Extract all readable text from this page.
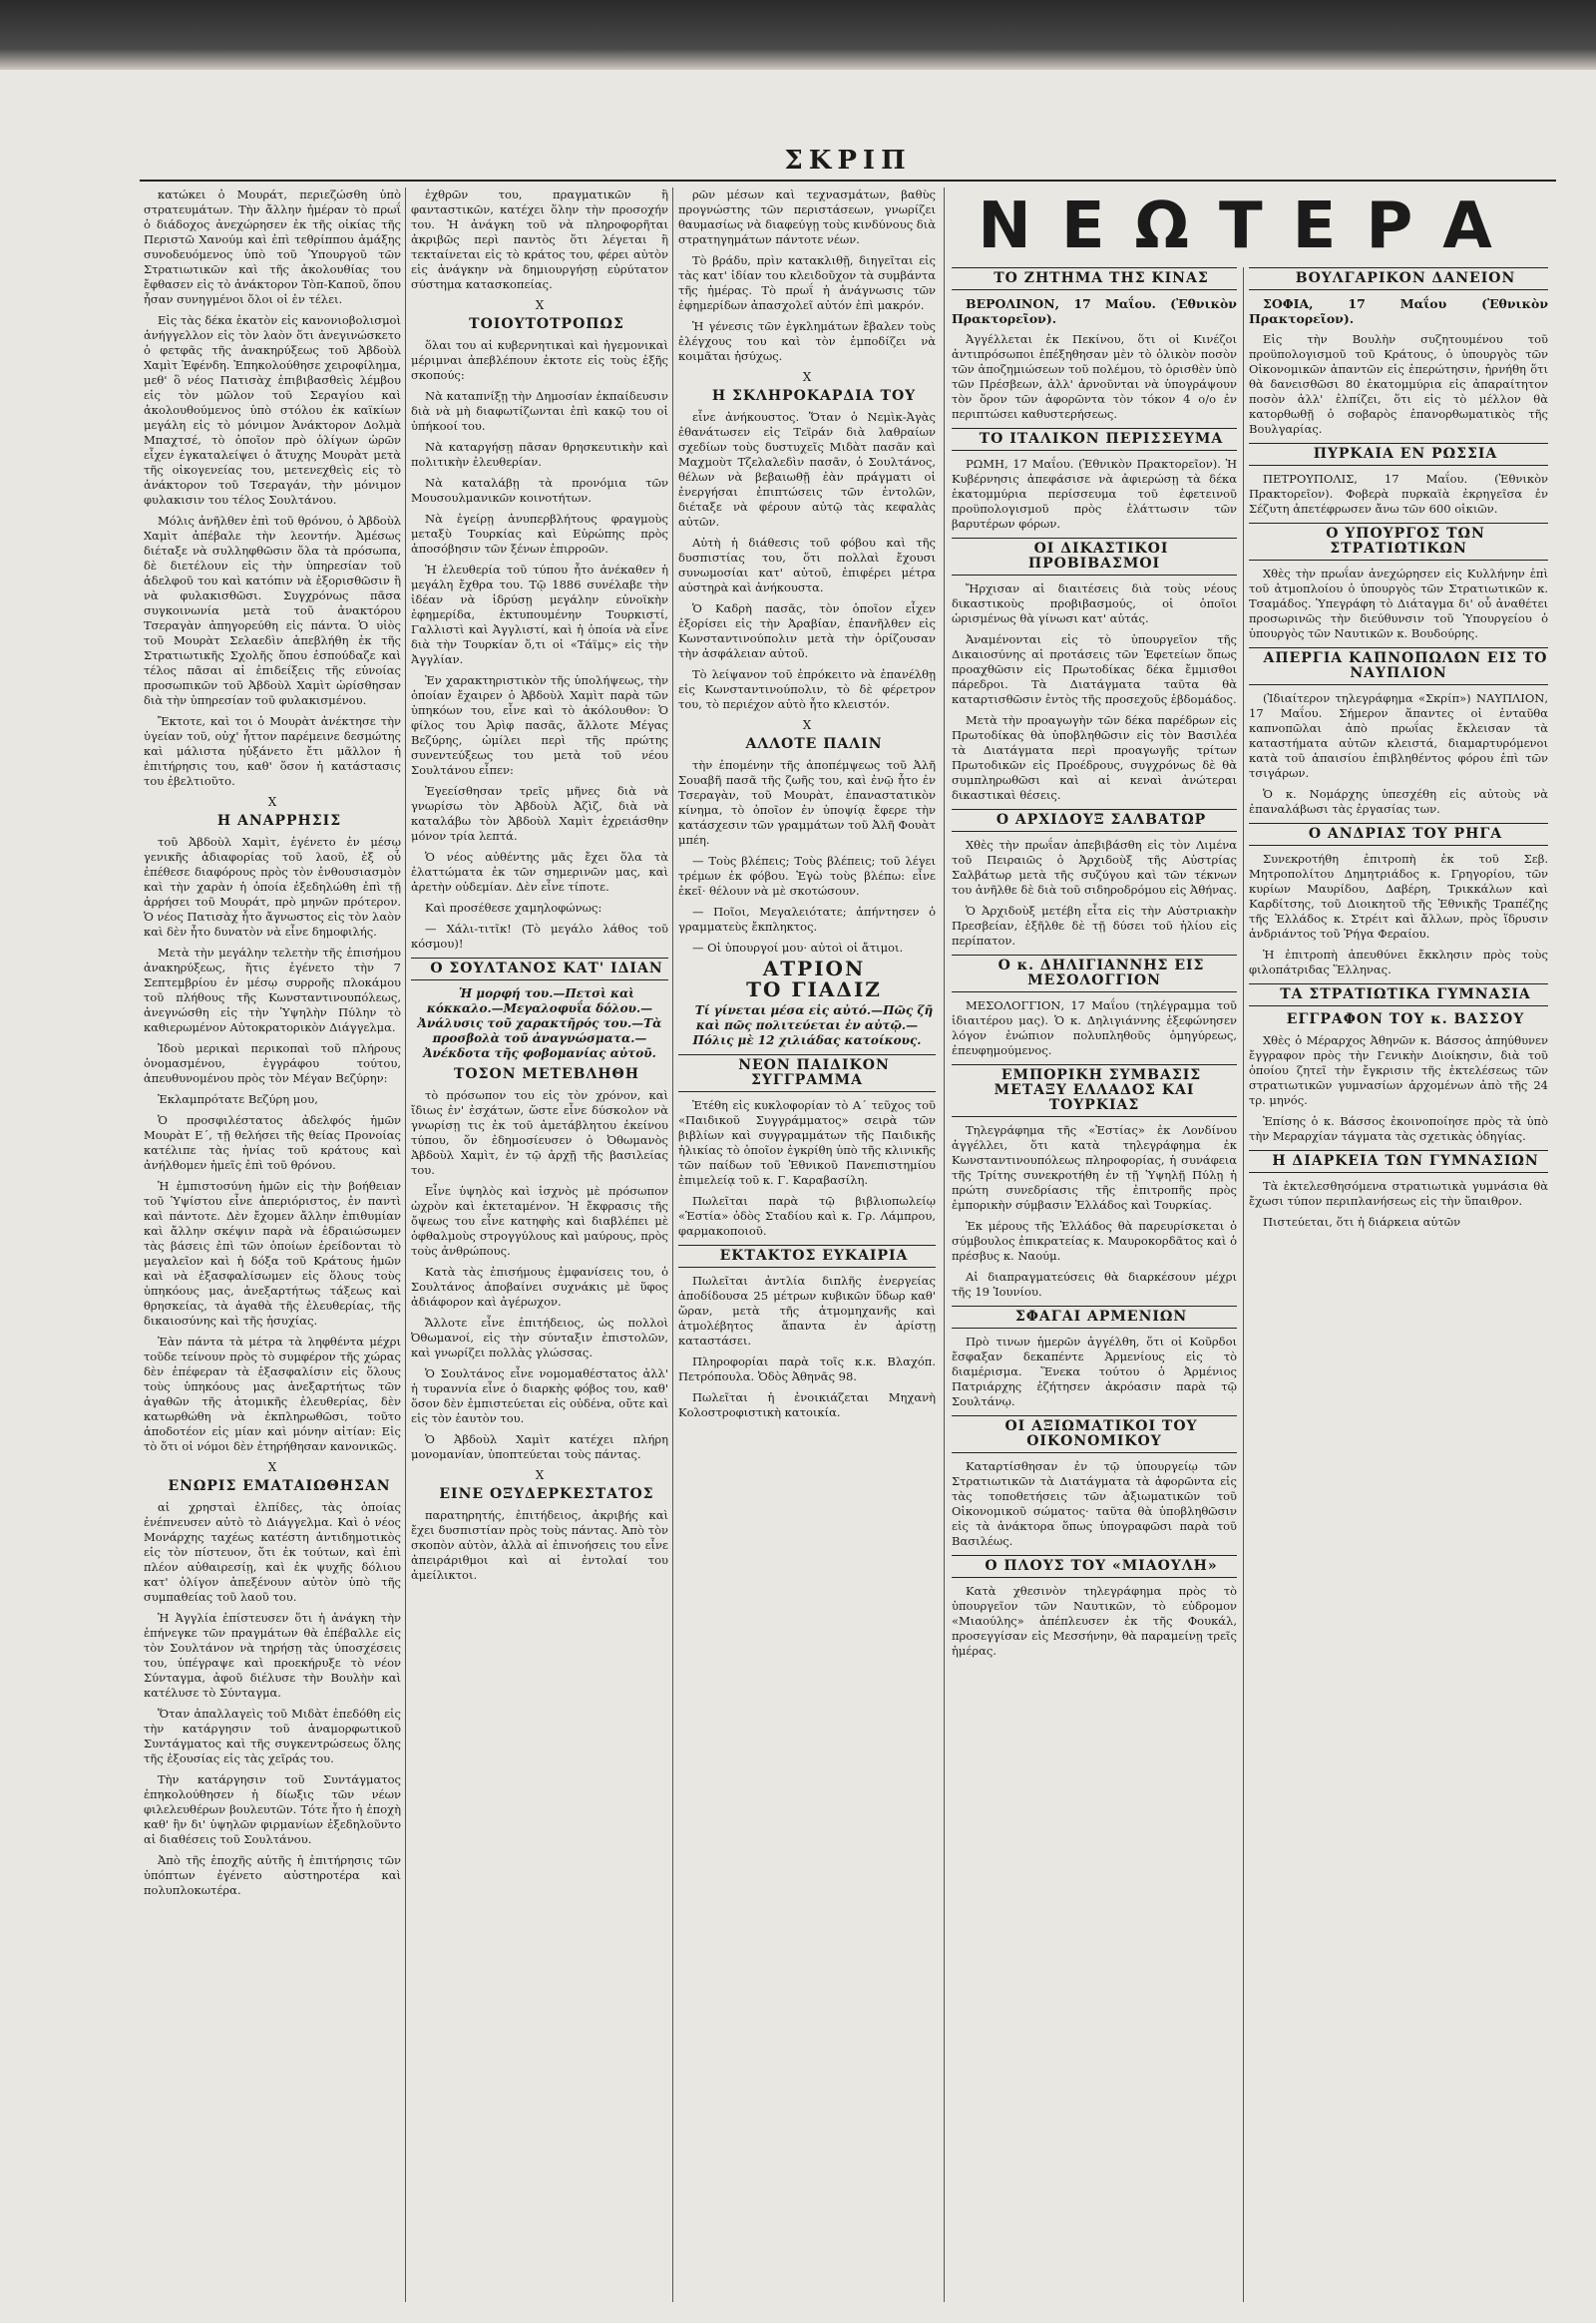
ΣΚΡΙΠ

κατώκει ὁ Μουράτ, περιεζώσθη ὑπὸ στρατευμάτων. Τὴν ἄλλην ἡμέραν τὸ πρωΐ ὁ διάδοχος ἀνεχώρησεν ἐκ τῆς οἰκίας τῆς Περιστῶ Χανούμ καὶ ἐπὶ τεθρίππου ἁμάξης συνοδευόμενος ὑπὸ τοῦ Ὑπουργοῦ τῶν Στρατιωτικῶν καὶ τῆς ἀκολουθίας του ἔφθασεν εἰς τὸ ἀνάκτορον Τὸπ-Καποῦ, ὅπου ἦσαν συνηγμένοι ὅλοι οἱ ἐν τέλει.

Εἰς τὰς δέκα ἐκατὸν εἰς κανονιοβολισμοὶ ἀνήγγελλον εἰς τὸν λαὸν ὅτι ἀνεγινώσκετο ὁ φετφᾶς τῆς ἀνακηρύξεως τοῦ Ἀβδοὺλ Χαμὶτ Ἐφένδη. Ἐπηκολούθησε χειροφίλημα, μεθ' ὃ νέος Πατισὰχ ἐπιβιβασθεὶς λέμβου εἰς τὸν μῶλον τοῦ Σεραγίου καὶ ἀκολουθούμενος ὑπὸ στόλου ἐκ καϊκίων μεγάλη εἰς τὸ μόνιμον Ἀνάκτορον Δολμὰ Μπαχτσέ, τὸ ὁποῖον πρὸ ὀλίγων ὡρῶν εἶχεν ἐγκαταλείψει ὁ ἄτυχης Μουρὰτ μετὰ τῆς οἰκογενείας του, μετενεχθεὶς εἰς τὸ ἀνάκτορον τοῦ Τσεραγάν, τὴν μόνιμον φυλακισιν του τέλος Σουλτάνου.

Μόλις ἀνῆλθεν ἐπὶ τοῦ θρόνου, ὁ Ἀβδοὺλ Χαμὶτ ἀπέβαλε τὴν λεοντήν. Ἀμέσως διέταξε νὰ συλληφθῶσιν ὅλα τὰ πρόσωπα, δὲ διετέλουν εἰς τὴν ὑπηρεσίαν τοῦ ἀδελφοῦ του καὶ κατόπιν νὰ ἐξορισθῶσιν ἢ νὰ φυλακισθῶσι. Συγχρόνως πᾶσα συγκοινωνία μετὰ τοῦ ἀνακτόρου Τσεραγὰν ἀπηγορεύθη εἰς πάντα. Ὁ υἱὸς τοῦ Μουρὰτ Σελαεδὶν ἀπεβλήθη ἐκ τῆς Στρατιωτικῆς Σχολῆς ὅπου ἐσπούδαζε καὶ τέλος πᾶσαι αἱ ἐπιδείξεις τῆς εὐνοίας προσωπικῶν τοῦ Ἀβδοὺλ Χαμὶτ ὡρίσθησαν διὰ τὴν ὑπηρεσίαν τοῦ φυλακισμένου.

Ἔκτοτε, καὶ τοι ὁ Μουρὰτ ἀνέκτησε τὴν ὑγείαν τοῦ, οὐχ' ἧττον παρέμεινε δεσμώτης καὶ μάλιστα ηὐξάνετο ἔτι μᾶλλον ἡ ἐπιτήρησις του, καθ' ὅσον ἡ κατάστασις του ἐβελτιοῦτο.

X

Η ΑΝΑΡΡΗΣΙΣ

τοῦ Ἀβδοὺλ Χαμὶτ, ἐγένετο ἐν μέσῳ γενικῆς ἀδιαφορίας τοῦ λαοῦ, ἐξ οὗ ἐπέθεσε διαφόρους πρὸς τὸν ἐνθουσιασμὸν καὶ τὴν χαρὰν ἡ ὁποία ἐξεδηλώθη ἐπὶ τῇ ἀρρήσει τοῦ Μουράτ, πρὸ μηνῶν πρότερον. Ὁ νέος Πατισὰχ ἦτο ἄγνωστος εἰς τὸν λαὸν καὶ δὲν ἦτο δυνατὸν νὰ εἶνε δημοφιλής.

Μετὰ τὴν μεγάλην τελετὴν τῆς ἐπισήμου ἀνακηρύξεως, ἥτις ἐγένετο τὴν 7 Σεπτεμβρίου ἐν μέσῳ συρροῆς πλοκάμου τοῦ πλήθους τῆς Κωνσταντινουπόλεως, ἀνεγνώσθη εἰς τὴν Ὑψηλὴν Πύλην τὸ καθιερωμένον Αὐτοκρατορικὸν Διάγγελμα.

Ἰδοὺ μερικαὶ περικοπαὶ τοῦ πλήρους ὀνομασμένου, ἐγγράφου τούτου, ἀπευθυνομένου πρὸς τὸν Μέγαν Βεζύρην:

Ἐκλαμπρότατε Βεζύρη μου,

Ὁ προσφιλέστατος ἀδελφός ἡμῶν Μουρὰτ Ε΄, τῇ θελήσει τῆς θείας Προνοίας κατέλιπε τὰς ἡνίας τοῦ κράτους καὶ ἀνήλθομεν ἡμεῖς ἐπὶ τοῦ θρόνου.

Ἡ ἐμπιστοσύνη ἡμῶν εἰς τὴν βοήθειαν τοῦ Ὑψίστου εἶνε ἀπεριόριστος, ἐν παντὶ καὶ πάντοτε. Δὲν ἔχομεν ἄλλην ἐπιθυμίαν καὶ ἄλλην σκέψιν παρὰ νὰ ἑδραιώσωμεν τὰς βάσεις ἐπὶ τῶν ὁποίων ἐρείδονται τὸ μεγαλεῖον καὶ ἡ δόξα τοῦ Κράτους ἡμῶν καὶ νὰ ἐξασφαλίσωμεν εἰς ὅλους τοὺς ὑπηκόους μας, ἀνεξαρτήτως τάξεως καὶ θρησκείας, τὰ ἀγαθὰ τῆς ἐλευθερίας, τῆς δικαιοσύνης καὶ τῆς ἡσυχίας.

Ἐὰν πάντα τὰ μέτρα τὰ ληφθέντα μέχρι τοῦδε τείνουν πρὸς τὸ συμφέρον τῆς χώρας δὲν ἐπέφεραν τὰ ἐξασφαλίσιν εἰς ὅλους τοὺς ὑπηκόους μας ἀνεξαρτήτως τῶν ἀγαθῶν τῆς ἀτομικῆς ἐλευθερίας, δὲν κατωρθώθη νὰ ἐκπληρωθῶσι, τοῦτο ἀποδοτέον εἰς μίαν καὶ μόνην αἰτίαν: Εἰς τὸ ὅτι οἱ νόμοι δὲν ἐτηρήθησαν κανονικῶς.

X

ΕΝΩΡΙΣ ΕΜΑΤΑΙΩΘΗΣΑΝ

αἱ χρησταὶ ἐλπίδες, τὰς ὁποίας ἐνέπνευσεν αὐτὸ τὸ Διάγγελμα. Καὶ ὁ νέος Μονάρχης ταχέως κατέστη ἀντιδημοτικὸς εἰς τὸν πίστευον, ὅτι ἐκ τούτων, καὶ ἐπὶ πλέον αὐθαιρεσίῃ, καὶ ἐκ ψυχῆς δόλιου κατ' ὀλίγον ἀπεξένουν αὐτὸν ὑπὸ τῆς συμπαθείας τοῦ λαοῦ του.

Ἡ Ἀγγλία ἐπίστευσεν ὅτι ἡ ἀνάγκη τὴν ἐπήνεγκε τῶν πραγμάτων θὰ ἐπέβαλλε εἰς τὸν Σουλτάνον νὰ τηρήσῃ τὰς ὑποσχέσεις του, ὑπέγραψε καὶ προεκήρυξε τὸ νέον Σύνταγμα, ἀφοῦ διέλυσε τὴν Βουλὴν καὶ κατέλυσε τὸ Σύνταγμα.

Ὅταν ἀπαλλαγεὶς τοῦ Μιδὰτ ἐπεδόθη εἰς τὴν κατάργησιν τοῦ ἀναμορφωτικοῦ Συντάγματος καὶ τῆς συγκεντρώσεως ὅλης τῆς ἐξουσίας εἰς τὰς χεῖράς του.

Τὴν κατάργησιν τοῦ Συντάγματος ἐπηκολούθησεν ἡ δίωξις τῶν νέων φιλελευθέρων βουλευτῶν. Τότε ἦτο ἡ ἐποχὴ καθ' ἣν δι' ὑψηλῶν φιρμανίων ἐξεδηλοῦντο αἱ διαθέσεις τοῦ Σουλτάνου.

Ἀπὸ τῆς ἐποχῆς αὐτῆς ἡ ἐπιτήρησις τῶν ὑπόπτων ἐγένετο αὐστηροτέρα καὶ πολυπλοκωτέρα.

ἐχθρῶν του, πραγματικῶν ἢ φανταστικῶν, κατέχει ὅλην τὴν προσοχήν του. Ἡ ἀνάγκη τοῦ νὰ πληροφορῆται ἀκριβῶς περὶ παντὸς ὅτι λέγεται ἢ τεκταίνεται εἰς τὸ κράτος του, φέρει αὐτὸν εἰς ἀνάγκην νὰ δημιουργήσῃ εὐρύτατον σύστημα κατασκοπείας.

X

ΤΟΙΟΥΤΟΤΡΟΠΩΣ

ὅλαι του αἱ κυβερνητικαὶ καὶ ἠγεμονικαὶ μέριμναι ἀπεβλέπουν ἐκτοτε εἰς τοὺς ἑξῆς σκοπούς:

Νὰ καταπνίξῃ τὴν Δημοσίαν ἐκπαίδευσιν διὰ νὰ μὴ διαφωτίζωνται ἐπὶ κακῷ του οἱ ὑπήκοοί του.

Νὰ καταργήσῃ πᾶσαν θρησκευτικὴν καὶ πολιτικὴν ἐλευθερίαν.

Νὰ καταλάβῃ τὰ προνόμια τῶν Μουσουλμανικῶν κοινοτήτων.

Νὰ ἐγείρῃ ἀνυπερβλήτους φραγμοὺς μεταξὺ Τουρκίας καὶ Εὐρώπης πρὸς ἀποσόβησιν τῶν ξένων ἐπιρροῶν.

Ἡ ἐλευθερία τοῦ τύπου ἦτο ἀνέκαθεν ἡ μεγάλη ἔχθρα του. Τῷ 1886 συνέλαβε τὴν ἰδέαν νὰ ἱδρύσῃ μεγάλην εὐνοϊκὴν ἐφημερίδα, ἐκτυπουμένην Τουρκιστί, Γαλλιστὶ καὶ Ἀγγλιστί, καὶ ἡ ὁποία νὰ εἶνε διὰ τὴν Τουρκίαν ὅ,τι οἱ «Τάϊμς» εἰς τὴν Ἀγγλίαν.

Ἐν χαρακτηριστικὸν τῆς ὑπολήψεως, τὴν ὁποίαν ἔχαιρεν ὁ Ἀβδοὺλ Χαμὶτ παρὰ τῶν ὑπηκόων του, εἶνε καὶ τὸ ἀκόλουθον: Ὁ φίλος του Ἀρὶφ πασᾶς, ἄλλοτε Μέγας Βεζύρης, ὡμίλει περὶ τῆς πρώτης συνεντεύξεως του μετὰ τοῦ νέου Σουλτάνου εἶπεν:

Ἐγεείσθησαν τρεῖς μῆνες διὰ νὰ γνωρίσω τὸν Ἀβδοὺλ Ἀζὶζ, διὰ νὰ καταλάβω τὸν Ἀβδοὺλ Χαμὶτ ἐχρειάσθην μόνον τρία λεπτά.

Ὁ νέος αὐθέντης μᾶς ἔχει ὅλα τὰ ἐλαττώματα ἐκ τῶν σημερινῶν μας, καὶ ἀρετὴν οὐδεμίαν. Δὲν εἶνε τίποτε.

Καὶ προσέθεσε χαμηλοφώνως:

— Χάλι-τιτῖκ! (Τὸ μεγάλο λάθος τοῦ κόσμου)!

Ο ΣΟΥΛΤΑΝΟΣ ΚΑΤ' ΙΔΙΑΝ

Ἡ μορφή του.—Πετσὶ καὶ κόκκαλο.—Μεγαλοφυΐα δόλου.—Ἀνάλυσις τοῦ χαρακτῆρός του.—Τὰ προσβολὰ τοῦ ἀναγνώσματα.—Ἀνέκδοτα τῆς φοβομανίας αὐτοῦ.

ΤΟΣΟΝ ΜΕΤΕΒΛΗΘΗ

τὸ πρόσωπον του εἰς τὸν χρόνον, καὶ ἴδιως ἐν' ἐσχάτων, ὥστε εἶνε δύσκολον νὰ γνωρίσῃ τις ἐκ τοῦ ἀμετάβλητου ἐκείνου τύπου, ὅν ἐδημοσίευσεν ὁ Ὀθωμανὸς Ἀβδοὺλ Χαμὶτ, ἐν τῷ ἀρχῇ τῆς βασιλείας του.

Εἶνε ὑψηλὸς καὶ ἰσχνὸς μὲ πρόσωπον ὠχρὸν καὶ ἐκτεταμένον. Ἡ ἔκφρασις τῆς ὄψεως του εἶνε κατηφὴς καὶ διαβλέπει μὲ ὀφθαλμοὺς στρογγύλους καὶ μαύρους, πρὸς τοὺς ἀνθρώπους.

Κατὰ τὰς ἐπισήμους ἐμφανίσεις του, ὁ Σουλτάνος ἀποβαίνει συχνάκις μὲ ὕφος ἀδιάφορον καὶ ἀγέρωχον.

Ἄλλοτε εἶνε ἐπιτήδειος, ὡς πολλοὶ Ὀθωμανοί, εἰς τὴν σύνταξιν ἐπιστολῶν, καὶ γνωρίζει πολλὰς γλώσσας.

Ὁ Σουλτάνος εἶνε νομομαθέστατος ἀλλ' ἡ τυραννία εἶνε ὁ διαρκὴς φόβος του, καθ' ὅσον δὲν ἐμπιστεύεται εἰς οὐδένα, οὔτε καὶ εἰς τὸν ἑαυτὸν του.

Ὁ Ἀβδοὺλ Χαμὶτ κατέχει πλήρη μονομανίαν, ὑποπτεύεται τοὺς πάντας.

X

ΕΙΝΕ ΟΞΥΔΕΡΚΕΣΤΑΤΟΣ

παρατηρητής, ἐπιτήδειος, ἀκριβής καὶ ἔχει δυσπιστίαν πρὸς τοὺς πάντας. Ἀπὸ τὸν σκοπὸν αὐτὸν, ἀλλὰ αἱ ἐπινοήσεις του εἶνε ἀπειράριθμοι καὶ αἱ ἐντολαί του ἀμείλικτοι.

ρῶν μέσων καὶ τεχνασμάτων, βαθὺς προγνώστης τῶν περιστάσεων, γνωρίζει θαυμασίως νὰ διαφεύγῃ τοὺς κινδύνους διὰ στρατηγημάτων πάντοτε νέων.

Τὸ βράδυ, πρὶν κατακλιθῇ, διηγεῖται εἰς τὰς κατ' ἰδίαν του κλειδοῦχον τὰ συμβάντα τῆς ἡμέρας. Τὸ πρωΐ ἡ ἀνάγνωσις τῶν ἐφημερίδων ἀπασχολεῖ αὐτόν ἐπὶ μακρόν.

Ἡ γένεσις τῶν ἐγκλημάτων ἔβαλεν τοὺς ἐλέγχους του καὶ τὸν ἐμποδίζει νὰ κοιμᾶται ἡσύχως.

X

Η ΣΚΛΗΡΟΚΑΡΔΙΑ ΤΟΥ

εἶνε ἀνήκουστος. Ὅταν ὁ Νεμὶκ-Ἀγὰς ἐθανάτωσεν εἰς Τεϊράν διὰ λαθραίων σχεδίων τοὺς δυστυχεῖς Μιδὰτ πασᾶν καὶ Μαχμοὺτ Τζελαλεδὶν πασᾶν, ὁ Σουλτάνος, θέλων νὰ βεβαιωθῇ ἐὰν πράγματι οἱ ἐνεργήσαι ἐπιπτώσεις τῶν ἐντολῶν, διέταξε νὰ φέρουν αὐτῷ τὰς κεφαλὰς αὐτῶν.

Αὐτὴ ἡ διάθεσις τοῦ φόβου καὶ τῆς δυσπιστίας του, ὅτι πολλαὶ ἔχουσι συνωμοσίαι κατ' αὐτοῦ, ἐπιφέρει μέτρα αὐστηρὰ καὶ ἀνήκουστα.

Ὁ Καδρὴ πασᾶς, τὸν ὁποῖον εἶχεν ἐξορίσει εἰς τὴν Ἀραβίαν, ἐπανῆλθεν εἰς Κωνσταντινούπολιν μετὰ τὴν ὁρίζουσαν τὴν ἀσφάλειαν αὐτοῦ.

Τὸ λείψανον τοῦ ἐπρόκειτο νὰ ἐπανέλθῃ εἰς Κωνσταντινούπολιν, τὸ δὲ φέρετρον του, τὸ περιέχον αὐτὸ ἦτο κλειστόν.

X

ΑΛΛΟΤΕ ΠΑΛΙΝ

τὴν ἐπομένην τῆς ἀποπέμψεως τοῦ Ἀλῆ Σουαβῆ πασᾶ τῆς ζωῆς του, καὶ ἐνῷ ἦτο ἐν Τσεραγὰν, τοῦ Μουρὰτ, ἐπαναστατικὸν κίνημα, τὸ ὁποῖον ἐν ὑποψίᾳ ἔφερε τὴν κατάσχεσιν τῶν γραμμάτων τοῦ Ἀλῆ Φουὰτ μπέη.

— Τοὺς βλέπεις; Τοὺς βλέπεις; τοῦ λέγει τρέμων ἐκ φόβου. Ἐγὼ τοὺς βλέπω: εἶνε ἐκεῖ· θέλουν νὰ μὲ σκοτώσουν.

— Ποῖοι, Μεγαλειότατε; ἀπήντησεν ὁ γραμματεὺς ἔκπληκτος.

— Οἱ ὑπουργοί μου· αὐτοὶ οἱ ἄτιμοι.

ΑΤΡΙΟΝ

ΤΟ ΓΙΑΔΙΖ

Τί γίνεται μέσα εἰς αὐτό.—Πῶς ζῆ καὶ πῶς πολιτεύεται ἐν αὐτῷ.— Πόλις μὲ 12 χιλιάδας κατοίκους.

ΝΕΟΝ ΠΑΙΔΙΚΟΝ ΣΥΓΓΡΑΜΜΑ

Ἐτέθη εἰς κυκλοφορίαν τὸ Α΄ τεῦχος τοῦ «Παιδικοῦ Συγγράμματος» σειρὰ τῶν βιβλίων καὶ συγγραμμάτων τῆς Παιδικῆς ἡλικίας τὸ ὁποῖον ἐγκρίθη ὑπὸ τῆς κλινικῆς τῶν παίδων τοῦ Ἐθνικοῦ Πανεπιστημίου ἐπιμελείᾳ τοῦ κ. Γ. Καραβασίλη.

Πωλεῖται παρὰ τῷ βιβλιοπωλείῳ «Ἑστία» ὁδὸς Σταδίου καὶ κ. Γρ. Λάμπρου, φαρμακοποιοῦ.

ΕΚΤΑΚΤΟΣ ΕΥΚΑΙΡΙΑ

Πωλεῖται ἀντλία διπλῆς ἐνεργείας ἀποδίδουσα 25 μέτρων κυβικῶν ὕδωρ καθ' ὥραν, μετὰ τῆς ἀτμομηχανῆς καὶ ἀτμολέβητος ἅπαντα ἐν ἀρίστῃ καταστάσει.

Πληροφορίαι παρὰ τοῖς κ.κ. Βλαχόπ. Πετρόπουλα. Ὁδὸς Ἀθηνᾶς 98.

Πωλεῖται ἡ ἐνοικιάζεται Μηχανὴ Κολοστροφιστικὴ κατοικία.

ΝΕΩΤΕΡΑ

ΤΟ ΖΗΤΗΜΑ ΤΗΣ ΚΙΝΑΣ

ΒΕΡΟΛΙΝΟΝ, 17 Μαΐου. (Ἐθνικὸν Πρακτορεῖον).

Ἀγγέλλεται ἐκ Πεκίνου, ὅτι οἱ Κινέζοι ἀντιπρόσωποι ἐπέξηθησαν μὲν τὸ ὁλικὸν ποσὸν τῶν ἀποζημιώσεων τοῦ πολέμου, τὸ ὁρισθὲν ὑπὸ τῶν Πρέσβεων, ἀλλ' ἀρνοῦνται νὰ ὑπογράψουν τὸν ὅρον τῶν ἀφορῶντα τὸν τόκον 4 ο/ο ἐν περιπτώσει καθυστερήσεως.

ΤΟ ΙΤΑΛΙΚΟΝ ΠΕΡΙΣΣΕΥΜΑ

ΡΩΜΗ, 17 Μαΐου. (Ἐθνικὸν Πρακτορεῖον). Ἡ Κυβέρνησις ἀπεφάσισε νὰ ἀφιερώσῃ τὰ δέκα ἑκατομμύρια περίσσευμα τοῦ ἐφετεινοῦ προϋπολογισμοῦ πρὸς ἐλάττωσιν τῶν βαρυτέρων φόρων.

ΟΙ ΔΙΚΑΣΤΙΚΟΙ ΠΡΟΒΙΒΑΣΜΟΙ

Ἤρχισαν αἱ διαιτέσεις διὰ τοὺς νέους δικαστικοὺς προβιβασμούς, οἱ ὁποῖοι ὡρισμένως θὰ γίνωσι κατ' αὐτάς.

Ἀναμένονται εἰς τὸ ὑπουργεῖον τῆς Δικαιοσύνης αἱ προτάσεις τῶν Ἐφετείων ὅπως προαχθῶσιν εἰς Πρωτοδίκας δέκα ἔμμισθοι πάρεδροι. Τὰ Διατάγματα ταῦτα θὰ καταρτισθῶσιν ἐντὸς τῆς προσεχοῦς ἑβδομάδος.

Μετὰ τὴν προαγωγὴν τῶν δέκα παρέδρων εἰς Πρωτοδίκας θὰ ὑποβληθῶσιν εἰς τὸν Βασιλέα τὰ Διατάγματα περὶ προαγωγῆς τρίτων Πρωτοδικῶν εἰς Προέδρους, συγχρόνως δὲ θὰ συμπληρωθῶσι καὶ αἱ κεναὶ ἀνώτεραι δικαστικαὶ θέσεις.

Ο ΑΡΧΙΔΟΥΞ ΣΑΛΒΑΤΩΡ

Χθὲς τὴν πρωΐαν ἀπεβιβάσθη εἰς τὸν Λιμένα τοῦ Πειραιῶς ὁ Ἀρχιδοὺξ τῆς Αὐστρίας Σαλβάτωρ μετὰ τῆς συζύγου καὶ τῶν τέκνων του ἀνῆλθε δὲ διὰ τοῦ σιδηροδρόμου εἰς Ἀθήνας.

Ὁ Ἀρχιδοὺξ μετέβη εἶτα εἰς τὴν Αὐστριακὴν Πρεσβείαν, ἐξῆλθε δὲ τῇ δύσει τοῦ ἡλίου εἰς περίπατον.

Ο κ. ΔΗΛΙΓΙΑΝΝΗΣ ΕΙΣ ΜΕΣΟΛΟΓΓΙΟΝ

ΜΕΣΟΛΟΓΓΙΟΝ, 17 Μαΐου (τηλέγραμμα τοῦ ἰδιαιτέρου μας). Ὁ κ. Δηλιγιάννης ἐξεφώνησεν λόγον ἐνώπιον πολυπληθοῦς ὁμηγύρεως, ἐπευφημούμενος.

ΕΜΠΟΡΙΚΗ ΣΥΜΒΑΣΙΣ ΜΕΤΑΞΥ ΕΛΛΑΔΟΣ ΚΑΙ ΤΟΥΡΚΙΑΣ

Τηλεγράφημα τῆς «Ἑστίας» ἐκ Λονδίνου ἀγγέλλει, ὅτι κατὰ τηλεγράφημα ἐκ Κωνσταντινουπόλεως πληροφορίας, ἡ συνάφεια τῆς Τρίτης συνεκροτήθη ἐν τῇ Ὑψηλῇ Πύλῃ ἡ πρώτη συνεδρίασις τῆς ἐπιτροπῆς πρὸς ἐμπορικὴν σύμβασιν Ἑλλάδος καὶ Τουρκίας.

Ἐκ μέρους τῆς Ἑλλάδος θὰ παρευρίσκεται ὁ σύμβουλος ἐπικρατείας κ. Μαυροκορδᾶτος καὶ ὁ πρέσβυς κ. Ναούμ.

Αἱ διαπραγματεύσεις θὰ διαρκέσουν μέχρι τῆς 19 Ἰουνίου.

ΣΦΑΓΑΙ ΑΡΜΕΝΙΩΝ

Πρὸ τινων ἡμερῶν ἀγγέλθη, ὅτι οἱ Κοῦρδοι ἔσφαξαν δεκαπέντε Ἀρμενίους εἰς τὸ διαμέρισμα. Ἕνεκα τούτου ὁ Ἀρμένιος Πατριάρχης ἐζήτησεν ἀκρόασιν παρὰ τῷ Σουλτάνῳ.

ΟΙ ΑΞΙΩΜΑΤΙΚΟΙ ΤΟΥ ΟΙΚΟΝΟΜΙΚΟΥ

Καταρτίσθησαν ἐν τῷ ὑπουργείῳ τῶν Στρατιωτικῶν τὰ Διατάγματα τὰ ἀφορῶντα εἰς τὰς τοποθετήσεις τῶν ἀξιωματικῶν τοῦ Οἰκονομικοῦ σώματος· ταῦτα θὰ ὑποβληθῶσιν εἰς τὰ ἀνάκτορα ὅπως ὑπογραφῶσι παρὰ τοῦ Βασιλέως.

Ο ΠΛΟΥΣ ΤΟΥ «ΜΙΑΟΥΛΗ»

Κατὰ χθεσινὸν τηλεγράφημα πρὸς τὸ ὑπουργεῖον τῶν Ναυτικῶν, τὸ εὐδρομον «Μιαούλης» ἀπέπλευσεν ἐκ τῆς Φουκάλ, προσεγγίσαν εἰς Μεσσήνην, θὰ παραμείνῃ τρεῖς ἡμέρας.

ΒΟΥΛΓΑΡΙΚΟΝ ΔΑΝΕΙΟΝ

ΣΟΦΙΑ, 17 Μαΐου (Ἐθνικὸν Πρακτορεῖον).

Εἰς τὴν Βουλὴν συζητουμένου τοῦ προϋπολογισμοῦ τοῦ Κράτους, ὁ ὑπουργὸς τῶν Οἰκονομικῶν ἀπαντῶν εἰς ἐπερώτησιν, ἠρνήθη ὅτι θὰ δανεισθῶσι 80 ἑκατομμύρια εἰς ἀπαραίτητον ποσὸν ἀλλ' ἐλπίζει, ὅτι εἰς τὸ μέλλον θὰ κατορθωθῇ ὁ σοβαρὸς ἐπανορθωματικὸς τῆς Βουλγαρίας.

ΠΥΡΚΑΙΑ ΕΝ ΡΩΣΣΙΑ

ΠΕΤΡΟΥΠΟΛΙΣ, 17 Μαΐου. (Ἐθνικὸν Πρακτορεῖον). Φοβερὰ πυρκαϊὰ ἐκρηγεῖσα ἐν Σέζυτη ἀπετέφρωσεν ἄνω τῶν 600 οἰκιῶν.

Ο ΥΠΟΥΡΓΟΣ ΤΩΝ ΣΤΡΑΤΙΩΤΙΚΩΝ

Χθὲς τὴν πρωΐαν ἀνεχώρησεν εἰς Κυλλήνην ἐπὶ τοῦ ἀτμοπλοίου ὁ ὑπουργὸς τῶν Στρατιωτικῶν κ. Τσαμάδος. Ὑπεγράφη τὸ Διάταγμα δι' οὗ ἀναθέτει προσωρινῶς τὴν διεύθυνσιν τοῦ Ὑπουργείου ὁ ὑπουργὸς τῶν Ναυτικῶν κ. Βουδούρης.

ΑΠΕΡΓΙΑ ΚΑΠΝΟΠΩΛΩΝ ΕΙΣ ΤΟ ΝΑΥΠΛΙΟΝ

(Ἰδιαίτερον τηλεγράφημα «Σκρίπ») ΝΑΥΠΛΙΟΝ, 17 Μαΐου. Σήμερον ἅπαντες οἱ ἐνταῦθα καπνοπῶλαι ἀπὸ πρωΐας ἔκλεισαν τὰ καταστήματα αὐτῶν κλειστά, διαμαρτυρόμενοι κατὰ τοῦ ἀπαισίου ἐπιβληθέντος φόρου ἐπὶ τῶν τσιγάρων.

Ὁ κ. Νομάρχης ὑπεσχέθη εἰς αὐτοὺς νὰ ἐπαναλάβωσι τὰς ἐργασίας των.

Ο ΑΝΔΡΙΑΣ ΤΟΥ ΡΗΓΑ

Συνεκροτήθη ἐπιτροπὴ ἐκ τοῦ Σεβ. Μητροπολίτου Δημητριάδος κ. Γρηγορίου, τῶν κυρίων Μαυρίδου, Δαβέρη, Τρικκάλων καὶ Καρδίτσης, τοῦ Διοικητοῦ τῆς Ἐθνικῆς Τραπέζης τῆς Ἑλλάδος κ. Στρέιτ καὶ ἄλλων, πρὸς ἵδρυσιν ἀνδριάντος τοῦ Ῥήγα Φεραίου.

Ἡ ἐπιτροπὴ ἀπευθύνει ἔκκλησιν πρὸς τοὺς φιλοπάτριδας Ἕλληνας.

ΤΑ ΣΤΡΑΤΙΩΤΙΚΑ ΓΥΜΝΑΣΙΑ

ΕΓΓΡΑΦΟΝ ΤΟΥ κ. ΒΑΣΣΟΥ

Χθὲς ὁ Μέραρχος Ἀθηνῶν κ. Βάσσος ἀπηύθυνεν ἔγγραφον πρὸς τὴν Γενικὴν Διοίκησιν, διὰ τοῦ ὁποίου ζητεῖ τὴν ἔγκρισιν τῆς ἐκτελέσεως τῶν στρατιωτικῶν γυμνασίων ἀρχομένων ἀπὸ τῆς 24 τρ. μηνός.

Ἐπίσης ὁ κ. Βάσσος ἐκοινοποίησε πρὸς τὰ ὑπὸ τὴν Μεραρχίαν τάγματα τὰς σχετικὰς ὁδηγίας.

Η ΔΙΑΡΚΕΙΑ ΤΩΝ ΓΥΜΝΑΣΙΩΝ

Τὰ ἐκτελεσθησόμενα στρατιωτικὰ γυμνάσια θὰ ἔχωσι τύπον περιπλανήσεως εἰς τὴν ὕπαιθρον.

Πιστεύεται, ὅτι ἡ διάρκεια αὐτῶν
